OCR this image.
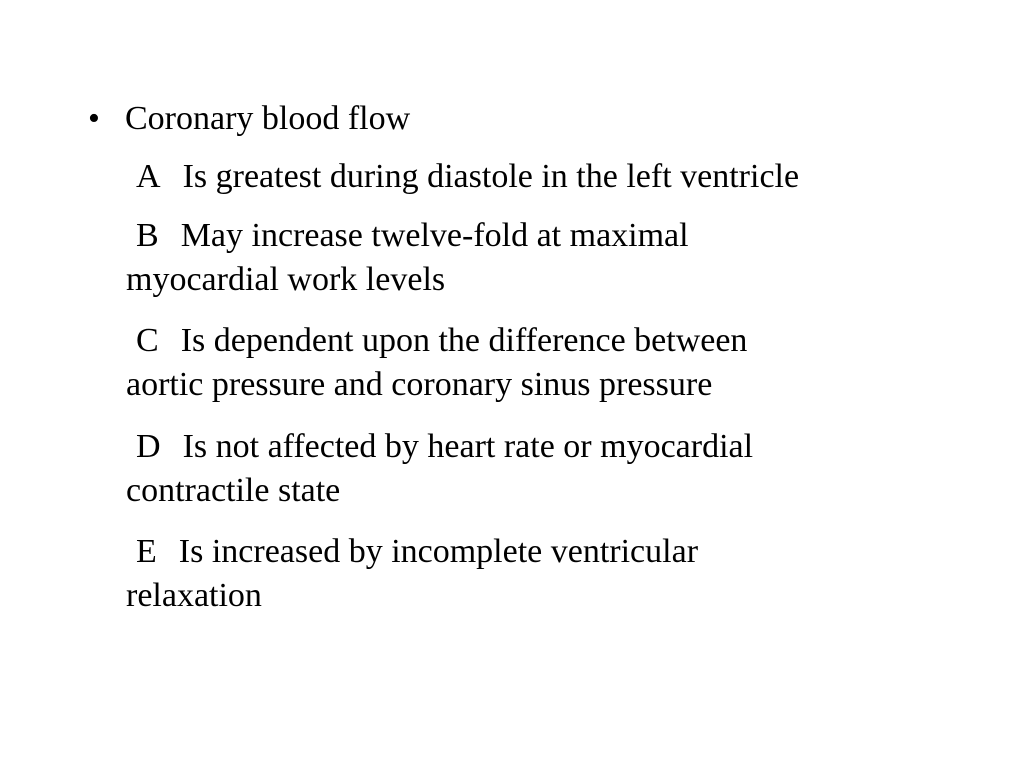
• Coronary blood flow
A Is greatest during diastole in the left ventricle
B May increase twelve-fold at maximal
myocardial work levels
C Is dependent upon the difference between
aortic pressure and coronary sinus pressure
D Is not affected by heart rate or myocardial
contractile state
E Is increased by incomplete ventricular
relaxation
